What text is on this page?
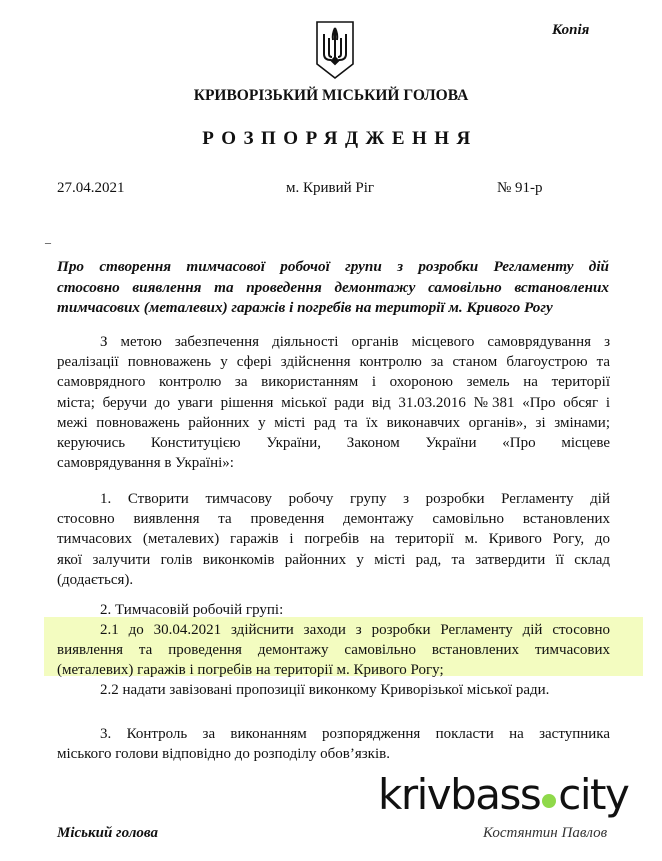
Копія
КРИВОРІЗЬКИЙ МІСЬКИЙ ГОЛОВА
РОЗПОРЯДЖЕННЯ
27.04.2021	м. Кривий Ріг	№ 91-р
–
Про створення тимчасової робочої групи з розробки Регламенту дій
стосовно виявлення та проведення демонтажу самовільно встановлених
тимчасових (металевих) гаражів і погребів на території м. Кривого Рогу
З метою забезпечення діяльності органів місцевого самоврядування з
реалізації повноважень у сфері здійснення контролю за станом благоустрою та
самоврядного контролю за використанням і охороною земель на території
міста; беручи до уваги рішення міської ради від 31.03.2016 №381 «Про обсяг і
межі повноважень районних у місті рад та їх виконавчих органів», зі змінами;
керуючись Конституцією України, Законом України «Про місцеве
самоврядування в Україні»:
1. Створити тимчасову робочу групу з розробки Регламенту дій
стосовно виявлення та проведення демонтажу самовільно встановлених
тимчасових (металевих) гаражів і погребів на території м. Кривого Рогу, до
якої залучити голів виконкомів районних у місті рад, та затвердити її склад
(додається).
2. Тимчасовій робочій групі:
2.1 до 30.04.2021 здійснити заходи з розробки Регламенту дій стосовно
виявлення та проведення демонтажу самовільно встановлених тимчасових
(металевих) гаражів і погребів на території м. Кривого Рогу;
2.2 надати завізовані пропозиції виконкому Криворізької міської ради.
3. Контроль за виконанням розпорядження покласти на заступника
міського голови відповідно до розподілу обов’язків.
krivbass city
Міський голова	Костянтин Павлов
